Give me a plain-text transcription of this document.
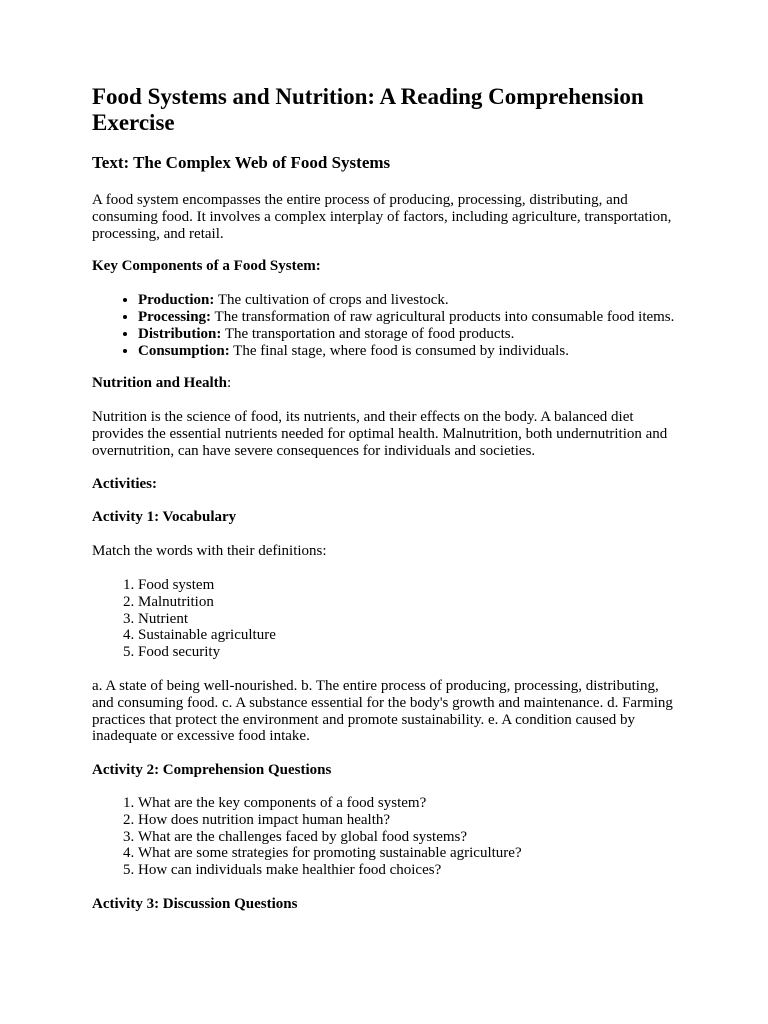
Food Systems and Nutrition: A Reading Comprehension Exercise
Text: The Complex Web of Food Systems

A food system encompasses the entire process of producing, processing, distributing, and consuming food. It involves a complex interplay of factors, including agriculture, transportation, processing, and retail.

Key Components of a Food System:

• Production: The cultivation of crops and livestock.
• Processing: The transformation of raw agricultural products into consumable food items.
• Distribution: The transportation and storage of food products.
• Consumption: The final stage, where food is consumed by individuals.

Nutrition and Health:

Nutrition is the science of food, its nutrients, and their effects on the body. A balanced diet provides the essential nutrients needed for optimal health. Malnutrition, both undernutrition and overnutrition, can have severe consequences for individuals and societies.

Activities:

Activity 1: Vocabulary

Match the words with their definitions:

1. Food system
2. Malnutrition
3. Nutrient
4. Sustainable agriculture
5. Food security

a. A state of being well-nourished. b. The entire process of producing, processing, distributing, and consuming food. c. A substance essential for the body's growth and maintenance. d. Farming practices that protect the environment and promote sustainability. e. A condition caused by inadequate or excessive food intake.

Activity 2: Comprehension Questions

1. What are the key components of a food system?
2. How does nutrition impact human health?
3. What are the challenges faced by global food systems?
4. What are some strategies for promoting sustainable agriculture?
5. How can individuals make healthier food choices?

Activity 3: Discussion Questions
